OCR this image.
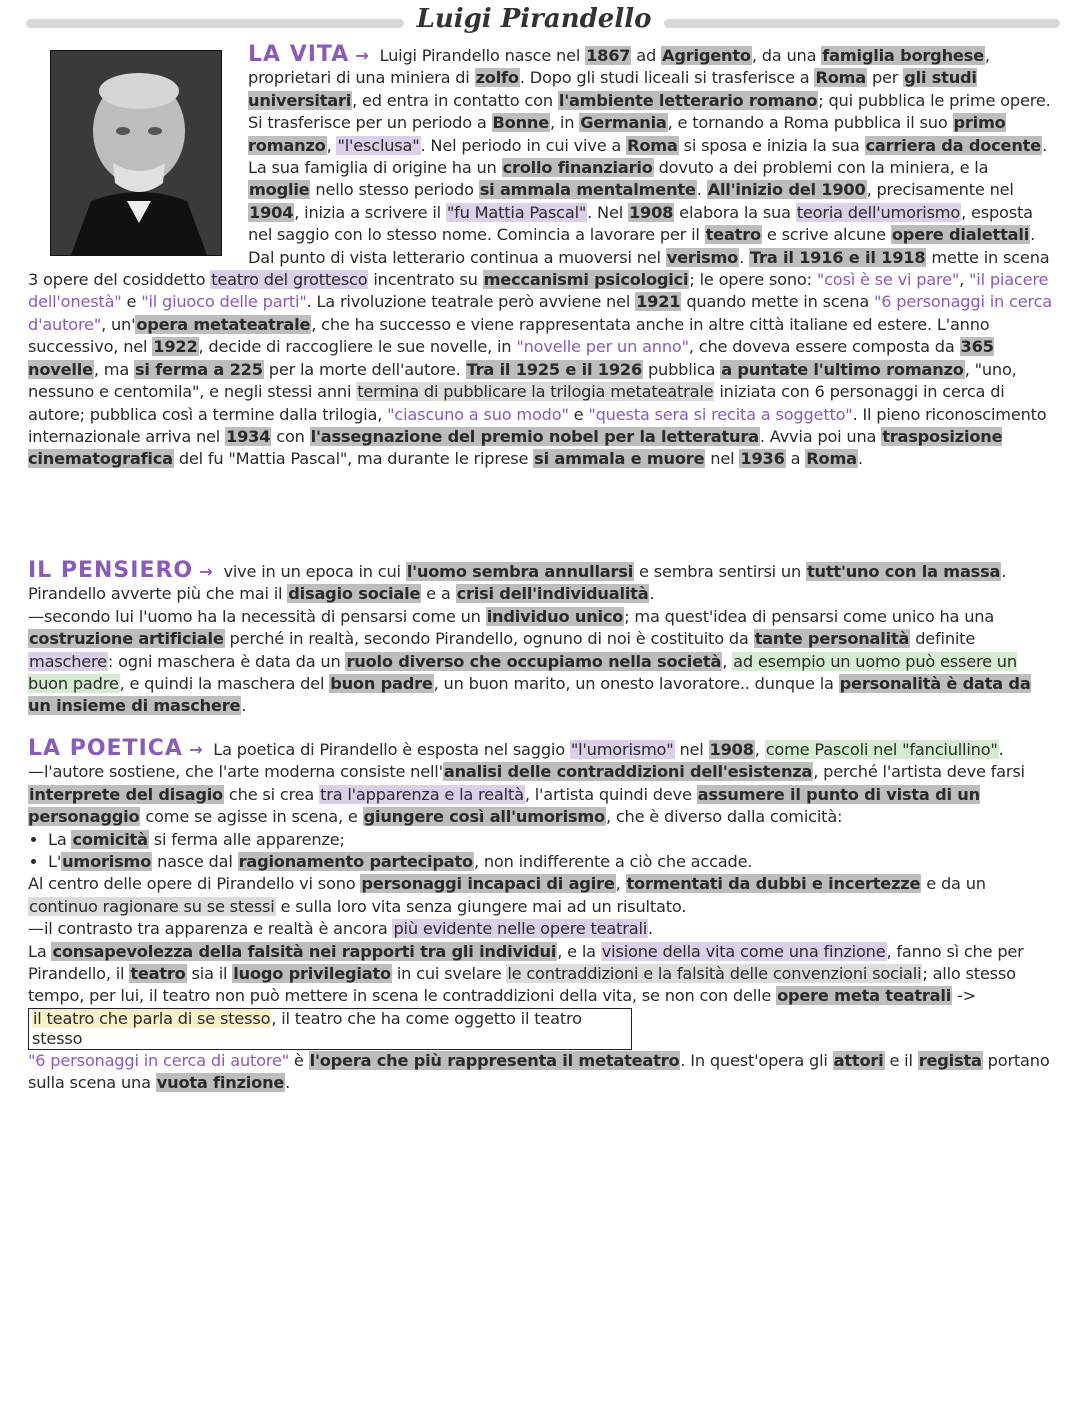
Luigi Pirandello
LA VITA → Luigi Pirandello nasce nel 1867 ad Agrigento, da una famiglia borghese, proprietari di una miniera di zolfo. Dopo gli studi liceali si trasferisce a Roma per gli studi universitari, ed entra in contatto con l'ambiente letterario romano; qui pubblica le prime opere. Si trasferisce per un periodo a Bonne, in Germania, e tornando a Roma pubblica il suo primo romanzo, "l'esclusa". Nel periodo in cui vive a Roma si sposa e inizia la sua carriera da docente. La sua famiglia di origine ha un crollo finanziario dovuto a dei problemi con la miniera, e la moglie nello stesso periodo si ammala mentalmente. All'inizio del 1900, precisamente nel 1904, inizia a scrivere il "fu Mattia Pascal". Nel 1908 elabora la sua teoria dell'umorismo, esposta nel saggio con lo stesso nome. Comincia a lavorare per il teatro e scrive alcune opere dialettali. Dal punto di vista letterario continua a muoversi nel verismo. Tra il 1916 e il 1918 mette in scena 3 opere del cosiddetto teatro del grottesco incentrato su meccanismi psicologici; le opere sono: "così è se vi pare", "il piacere dell'onestà" e "il giuoco delle parti". La rivoluzione teatrale però avviene nel 1921 quando mette in scena "6 personaggi in cerca d'autore", un'opera metateatrale, che ha successo e viene rappresentata anche in altre città italiane ed estere. L'anno successivo, nel 1922, decide di raccogliere le sue novelle, in "novelle per un anno", che doveva essere composta da 365 novelle, ma si ferma a 225 per la morte dell'autore. Tra il 1925 e il 1926 pubblica a puntate l'ultimo romanzo, "uno, nessuno e centomila", e negli stessi anni termina di pubblicare la trilogia metateatrale iniziata con 6 personaggi in cerca di autore; pubblica così a termine dalla trilogia, "ciascuno a suo modo" e "questa sera si recita a soggetto". Il pieno riconoscimento internazionale arriva nel 1934 con l'assegnazione del premio nobel per la letteratura. Avvia poi una trasposizione cinematografica del fu "Mattia Pascal", ma durante le riprese si ammala e muore nel 1936 a Roma.
IL PENSIERO → vive in un epoca in cui l'uomo sembra annullarsi e sembra sentirsi un tutt'uno con la massa. Pirandello avverte più che mai il disagio sociale e a crisi dell'individualità.
—secondo lui l'uomo ha la necessità di pensarsi come un individuo unico; ma quest'idea di pensarsi come unico ha una costruzione artificiale perché in realtà, secondo Pirandello, ognuno di noi è costituito da tante personalità definite maschere: ogni maschera è data da un ruolo diverso che occupiamo nella società, ad esempio un uomo può essere un buon padre, e quindi la maschera del buon padre, un buon marito, un onesto lavoratore.. dunque la personalità è data da un insieme di maschere.
LA POETICA → La poetica di Pirandello è esposta nel saggio "l'umorismo" nel 1908, come Pascoli nel "fanciullino".
—l'autore sostiene, che l'arte moderna consiste nell'analisi delle contraddizioni dell'esistenza, perché l'artista deve farsi interprete del disagio che si crea tra l'apparenza e la realtà, l'artista quindi deve assumere il punto di vista di un personaggio come se agisse in scena, e giungere così all'umorismo, che è diverso dalla comicità:
• La comicità si ferma alle apparenze;
• L'umorismo nasce dal ragionamento partecipato, non indifferente a ciò che accade.
Al centro delle opere di Pirandello vi sono personaggi incapaci di agire, tormentati da dubbi e incertezze e da un continuo ragionare su se stessi e sulla loro vita senza giungere mai ad un risultato.
—il contrasto tra apparenza e realtà è ancora più evidente nelle opere teatrali.
La consapevolezza della falsità nei rapporti tra gli individui, e la visione della vita come una finzione, fanno sì che per Pirandello, il teatro sia il luogo privilegiato in cui svelare le contraddizioni e la falsità delle convenzioni sociali; allo stesso tempo, per lui, il teatro non può mettere in scena le contraddizioni della vita, se non con delle opere meta teatrali ->il teatro che parla di se stesso, il teatro che ha come oggetto il teatro stesso
"6 personaggi in cerca di autore" è l'opera che più rappresenta il metateatro. In quest'opera gli attori e il regista portano sulla scena una vuota finzione.
